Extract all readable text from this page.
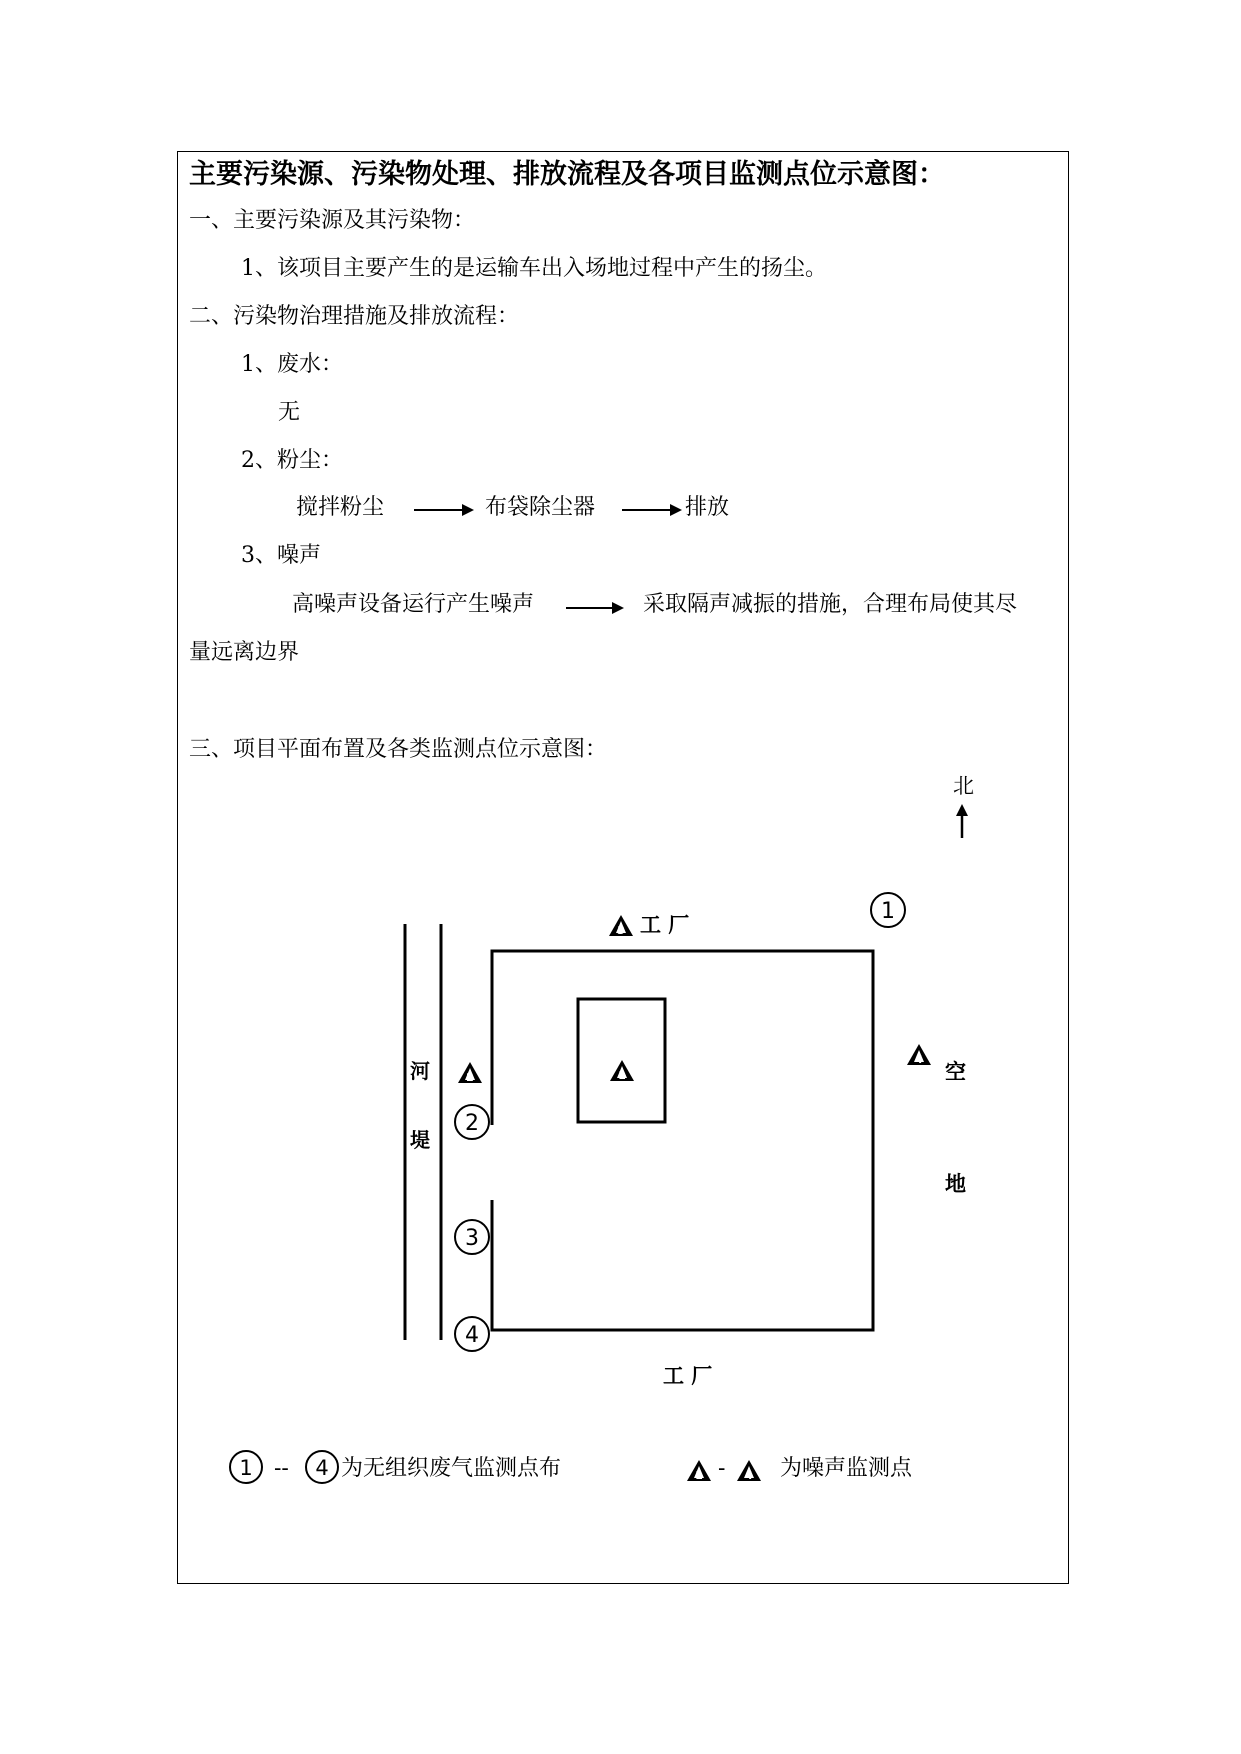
主要污染源、污染物处理、排放流程及各项目监测点位示意图：
一、主要污染源及其污染物：
1、该项目主要产生的是运输车出入场地过程中产生的扬尘。
二、污染物治理措施及排放流程：
1、废水：
无
2、粉尘：
搅拌粉尘	布袋除尘器	排放
3、噪声
高噪声设备运行产生噪声	采取隔声减振的措施，合理布局使其尽
量远离边界
三、项目平面布置及各类监测点位示意图：
北
1
2
3
4
3
2	1
4
1	4	1	4
工 厂
工 厂
河
堤
空
地
-- 为无组织废气监测点布	- 为噪声监测点
